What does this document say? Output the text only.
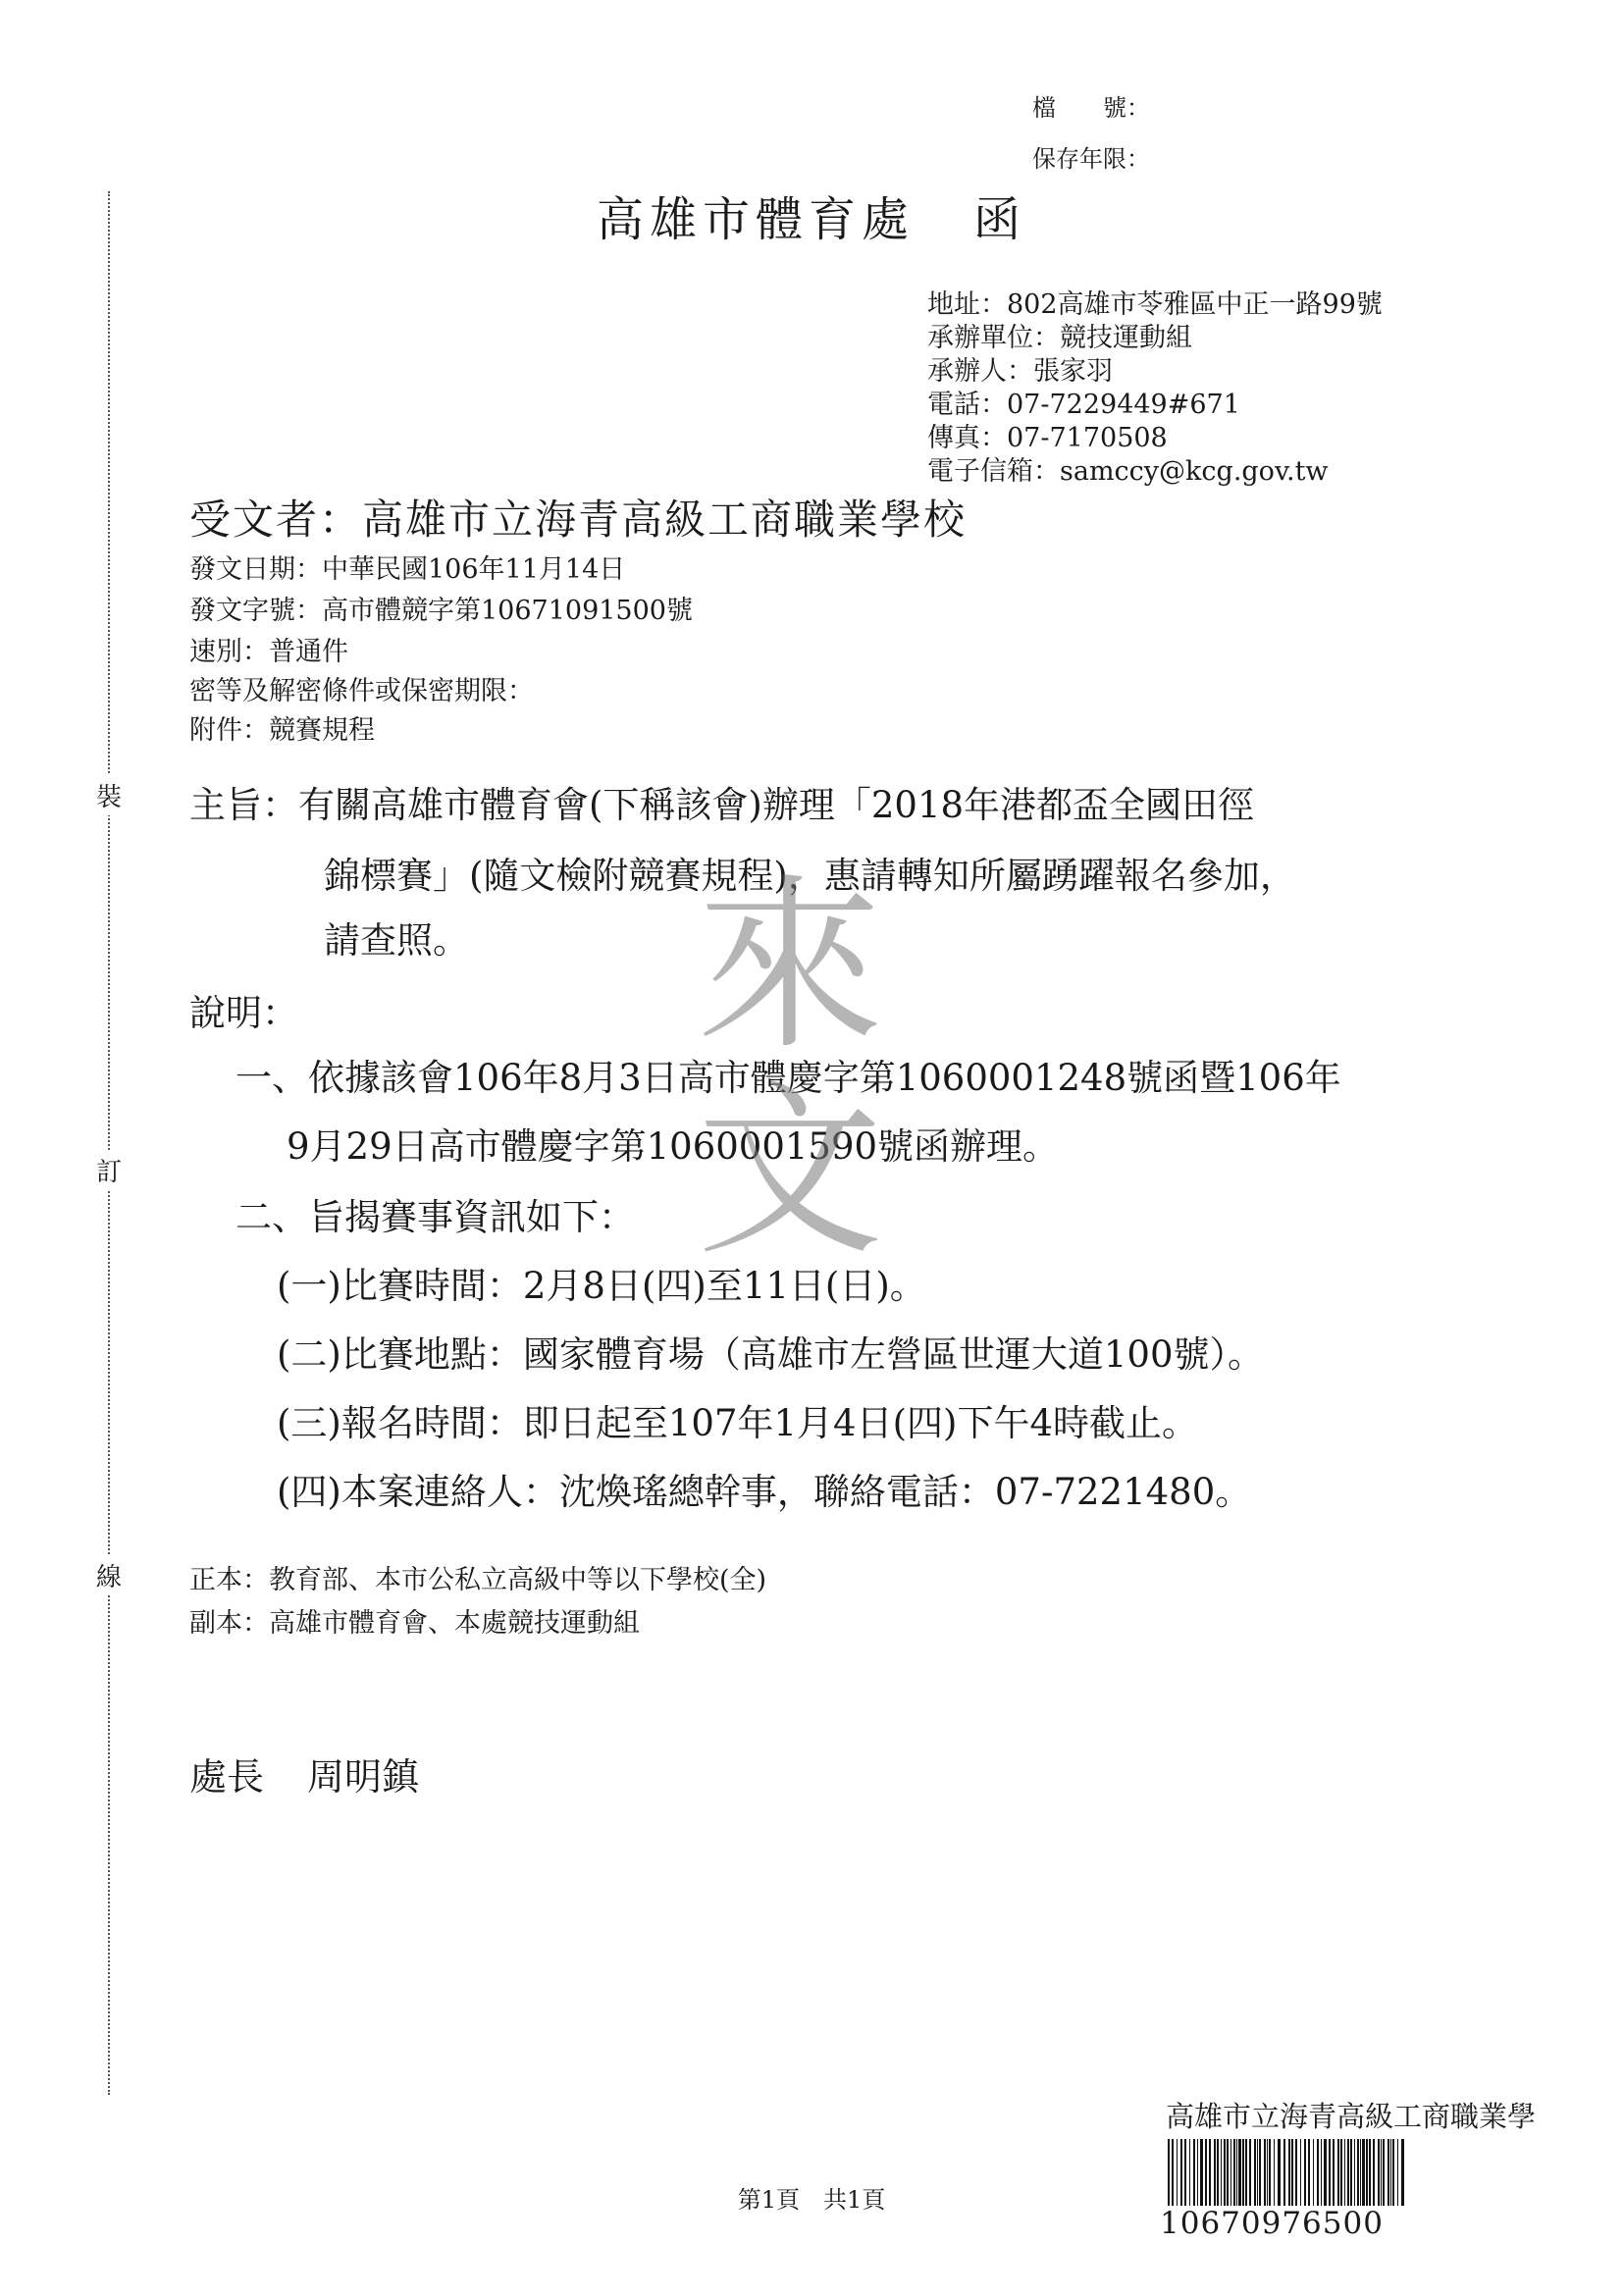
裝
訂
線
檔　　號：
保存年限：
高雄市體育處 函
地址：802高雄市苓雅區中正一路99號
承辦單位：競技運動組
承辦人：張家羽
電話：07-7229449#671
傳真：07-7170508
電子信箱：samccy@kcg.gov.tw
受文者：高雄市立海青高級工商職業學校
發文日期：中華民國106年11月14日
發文字號：高市體競字第10671091500號
速別：普通件
密等及解密條件或保密期限：
附件：競賽規程
主旨：有關高雄市體育會(下稱該會)辦理「2018年港都盃全國田徑
錦標賽」(隨文檢附競賽規程)，惠請轉知所屬踴躍報名參加，
請查照。
說明：
一、依據該會106年8月3日高市體慶字第1060001248號函暨106年
9月29日高市體慶字第1060001590號函辦理。
二、旨揭賽事資訊如下：
(一)比賽時間：2月8日(四)至11日(日)。
(二)比賽地點：國家體育場（高雄市左營區世運大道100號）。
(三)報名時間：即日起至107年1月4日(四)下午4時截止。
(四)本案連絡人：沈煥瑤總幹事，聯絡電話：07-7221480。
來
文
正本：教育部、本市公私立高級中等以下學校(全)
副本：高雄市體育會、本處競技運動組
處長 周明鎮
第1頁　共1頁
高雄市立海青高級工商職業學
10670976500
